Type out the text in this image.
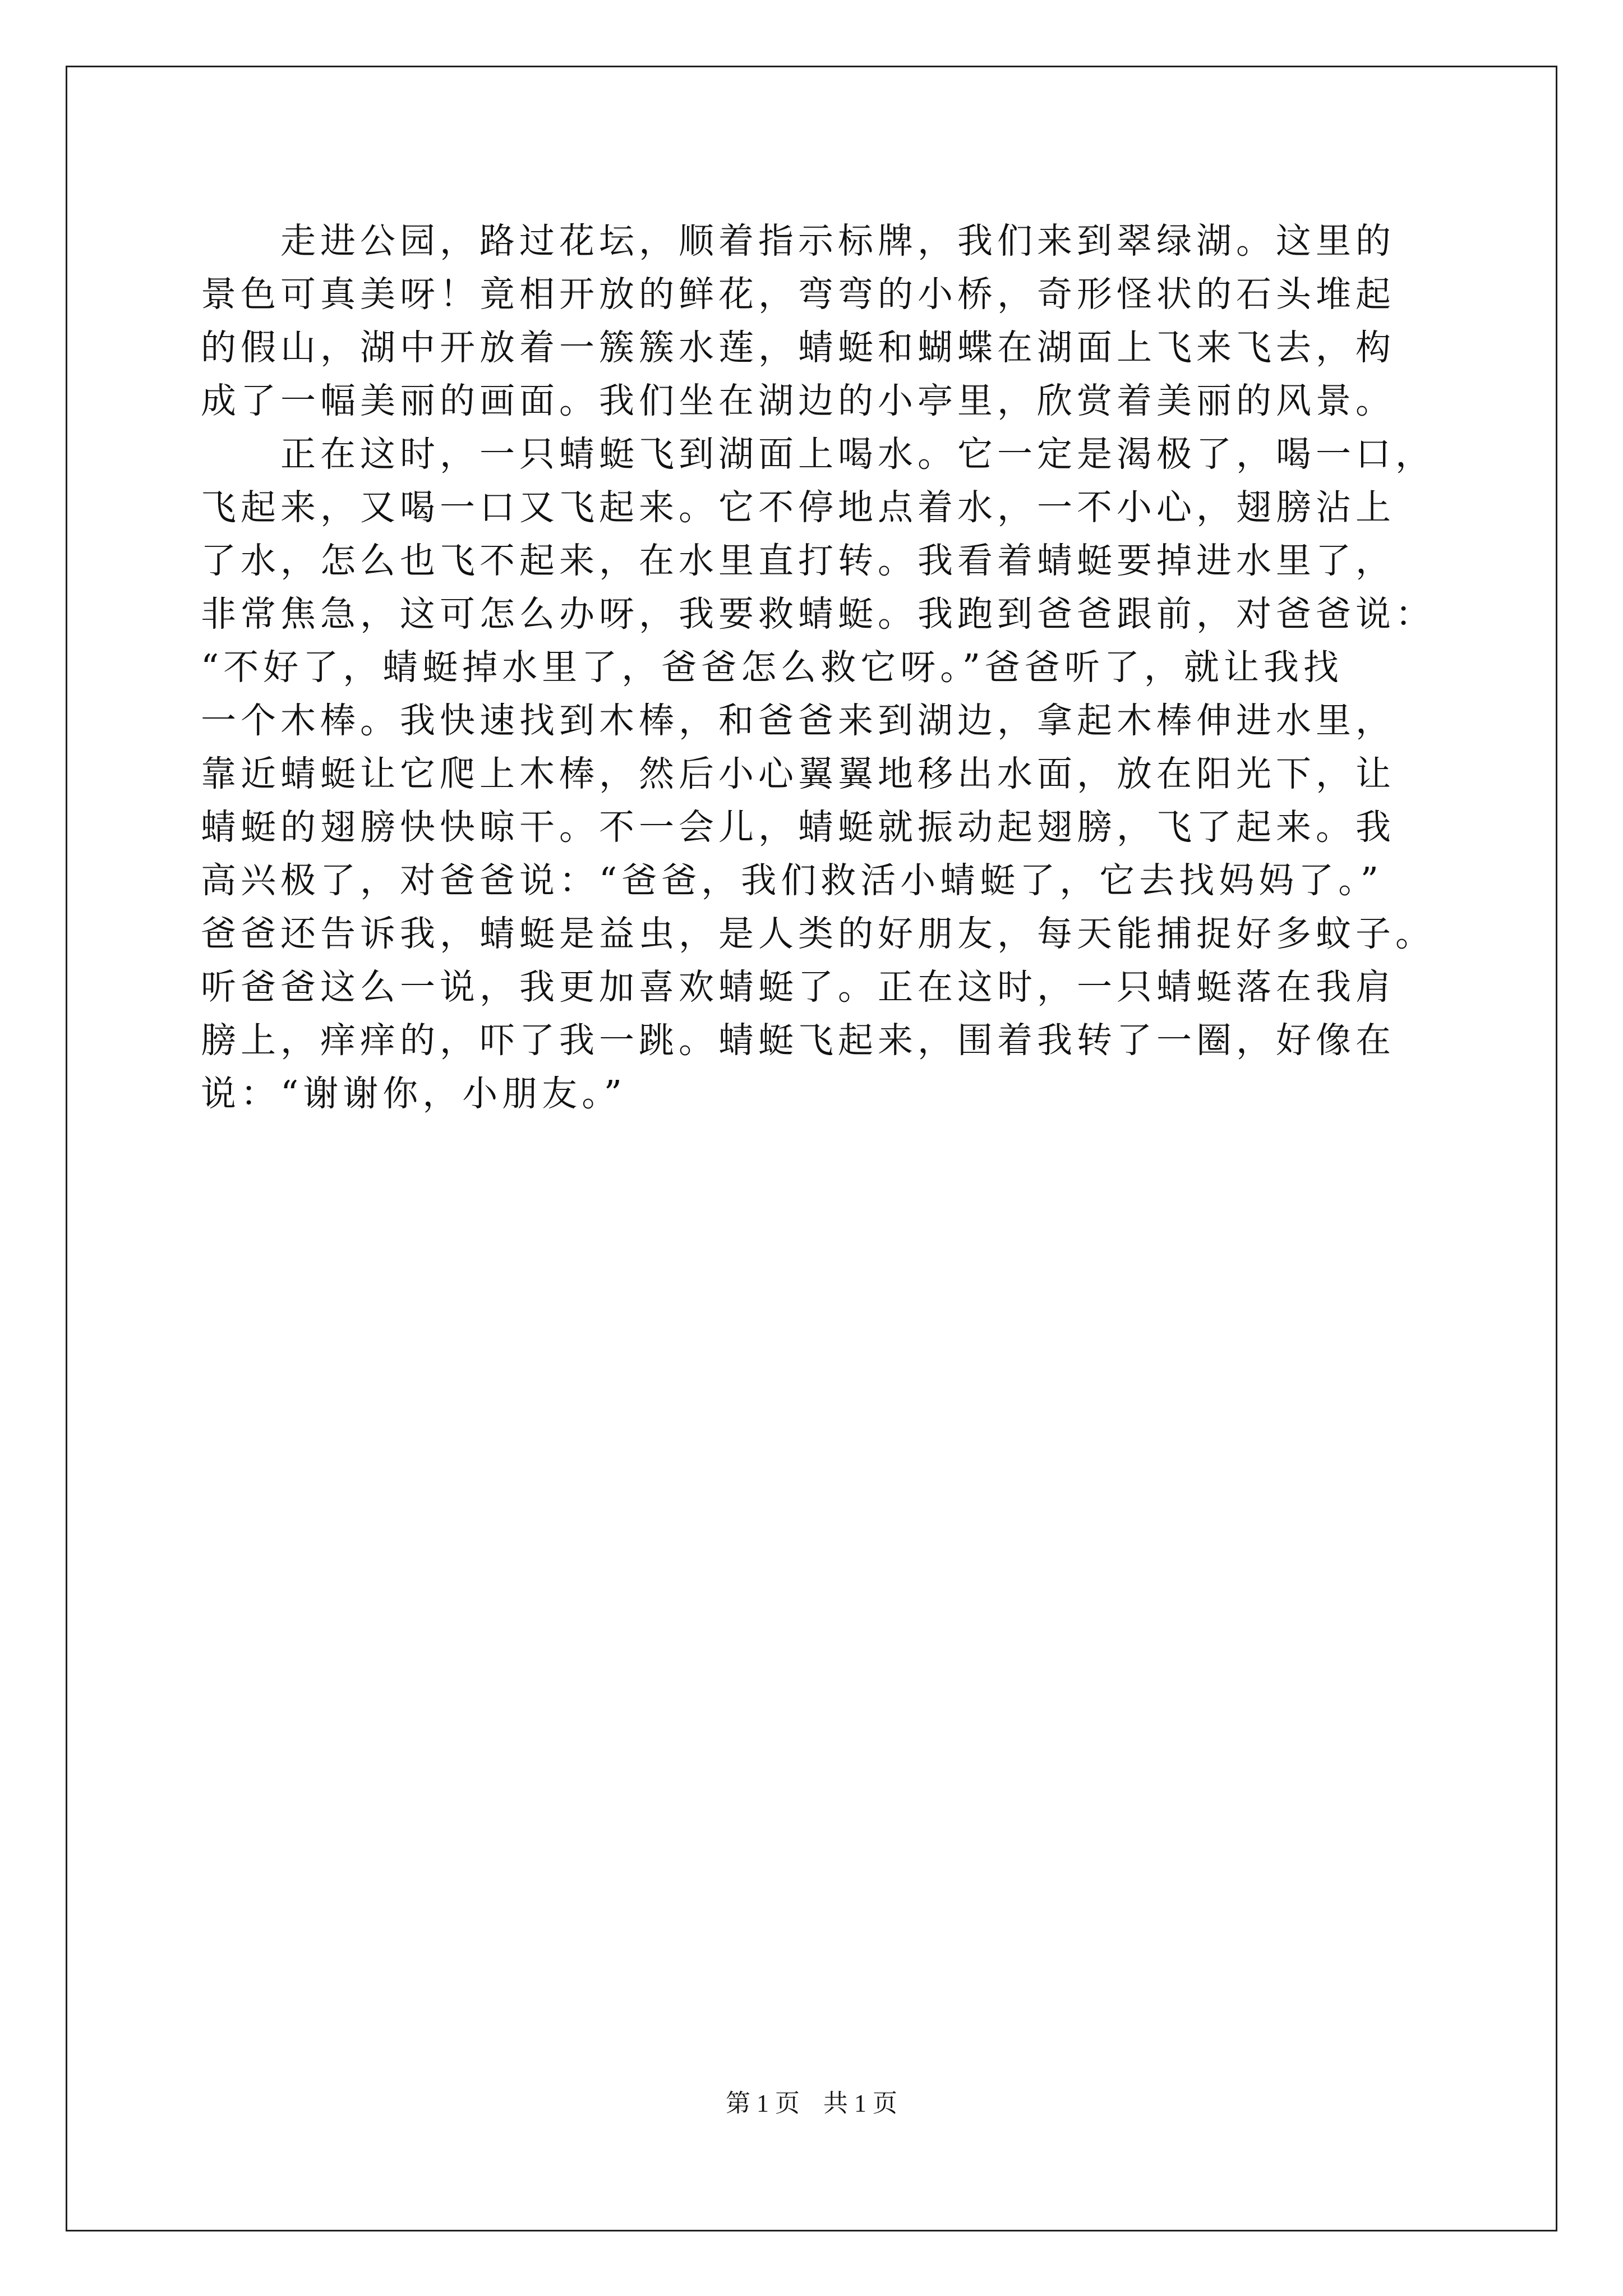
　　走进公园，路过花坛，顺着指示标牌，我们来到翠绿湖。这里的
景色可真美呀！竟相开放的鲜花，弯弯的小桥，奇形怪状的石头堆起
的假山，湖中开放着一簇簇水莲，蜻蜓和蝴蝶在湖面上飞来飞去，构
成了一幅美丽的画面。我们坐在湖边的小亭里，欣赏着美丽的风景。
　　正在这时，一只蜻蜓飞到湖面上喝水。它一定是渴极了，喝一口，
飞起来，又喝一口又飞起来。它不停地点着水，一不小心，翅膀沾上
了水，怎么也飞不起来，在水里直打转。我看着蜻蜓要掉进水里了，
非常焦急，这可怎么办呀，我要救蜻蜓。我跑到爸爸跟前，对爸爸说：
“不好了，蜻蜓掉水里了，爸爸怎么救它呀。”爸爸听了，就让我找
一个木棒。我快速找到木棒，和爸爸来到湖边，拿起木棒伸进水里，
靠近蜻蜓让它爬上木棒，然后小心翼翼地移出水面，放在阳光下，让
蜻蜓的翅膀快快晾干。不一会儿，蜻蜓就振动起翅膀，飞了起来。我
高兴极了，对爸爸说：“爸爸，我们救活小蜻蜓了，它去找妈妈了。”
爸爸还告诉我，蜻蜓是益虫，是人类的好朋友，每天能捕捉好多蚊子。
听爸爸这么一说，我更加喜欢蜻蜓了。正在这时，一只蜻蜓落在我肩
膀上，痒痒的，吓了我一跳。蜻蜓飞起来，围着我转了一圈，好像在
说：“谢谢你，小朋友。”
第 1 页 共 1 页
